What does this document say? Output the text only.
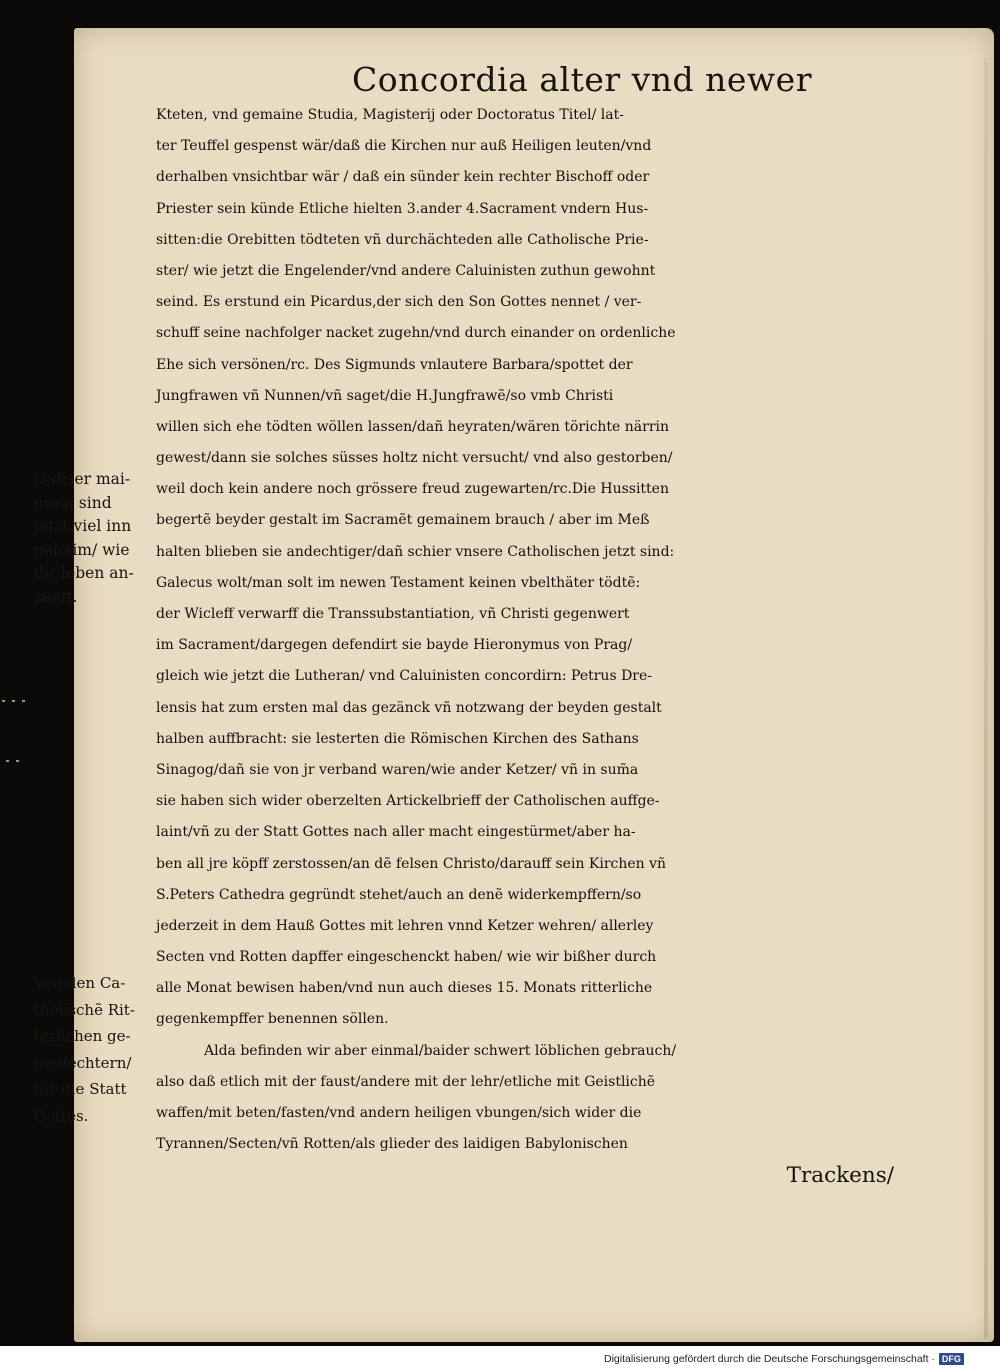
Concordia alter vnd newer
Kteten, vnd gemaine Studia, Magisterij oder Doctoratus Titel/ lat-
ter Teuffel gespenst wär/daß die Kirchen nur auß Heiligen leuten/vnd
derhalben vnsichtbar wär / daß ein sünder kein rechter Bischoff oder
Priester sein künde Etliche hielten 3.ander 4.Sacrament vndern Hus-
sitten:die Orebitten tödteten vñ durchächteden alle Catholische Prie-
ster/ wie jetzt die Engelender/vnd andere Caluinisten zuthun gewohnt
seind. Es erstund ein Picardus,der sich den Son Gottes nennet / ver-
schuff seine nachfolger nacket zugehn/vnd durch einander on ordenliche
Ehe sich versönen/rc. Des Sigmunds vnlautere Barbara/spottet der
Jungfrawen vñ Nunnen/vñ saget/die H.Jungfrawẽ/so vmb Christi
willen sich ehe tödten wöllen lassen/dañ heyraten/wären törichte närrin
gewest/dann sie solches süsses holtz nicht versucht/ vnd also gestorben/
weil doch kein andere noch grössere freud zugewarten/rc.Die Hussitten
begertẽ beyder gestalt im Sacramẽt gemainem brauch / aber im Meß
halten blieben sie andechtiger/dañ schier vnsere Catholischen jetzt sind:
Galecus wolt/man solt im newen Testament keinen vbelthäter tödtẽ:
der Wicleff verwarff die Transsubstantiation, vñ Christi gegenwert
im Sacrament/dargegen defendirt sie bayde Hieronymus von Prag/
gleich wie jetzt die Lutheran/ vnd Caluinisten concordirn: Petrus Dre-
lensis hat zum ersten mal das gezänck vñ notzwang der beyden gestalt
halben auffbracht: sie lesterten die Römischen Kirchen des Sathans
Sinagog/dañ sie von jr verband waren/wie ander Ketzer/ vñ in sum̃a
sie haben sich wider oberzelten Artickelbrieff der Catholischen auffge-
laint/vñ zu der Statt Gottes nach aller macht eingestürmet/aber ha-
ben all jre köpff zerstossen/an dẽ felsen Christo/darauff sein Kirchen vñ
S.Peters Cathedra gegründt stehet/auch an denẽ widerkempffern/so
jederzeit in dem Hauß Gottes mit lehren vnnd Ketzer wehren/ allerley
Secten vnd Rotten dapffer eingeschenckt haben/ wie wir bißher durch
alle Monat bewisen haben/vnd nun auch dieses 15. Monats ritterliche
gegenkempffer benennen söllen.
Alda befinden wir aber einmal/baider schwert löblichen gebrauch/
also daß etlich mit der faust/andere mit der lehr/etliche mit Geistlichẽ
waffen/mit beten/fasten/vnd andern heiligen vbungen/sich wider die
Tyrannen/Secten/vñ Rotten/als glieder des laidigen Babylonischen
Trackens/
O diser mai-
nung sind
jetzt viel inn
gehaim/ wie
jhr leben an-
zeigt.
Von den Ca-
tholischẽ Rit-
terlichen ge-
genfechtern/
für die Statt
Gottes.
Digitalisierung gefördert durch die Deutsche Forschungsgemeinschaft · DFG
